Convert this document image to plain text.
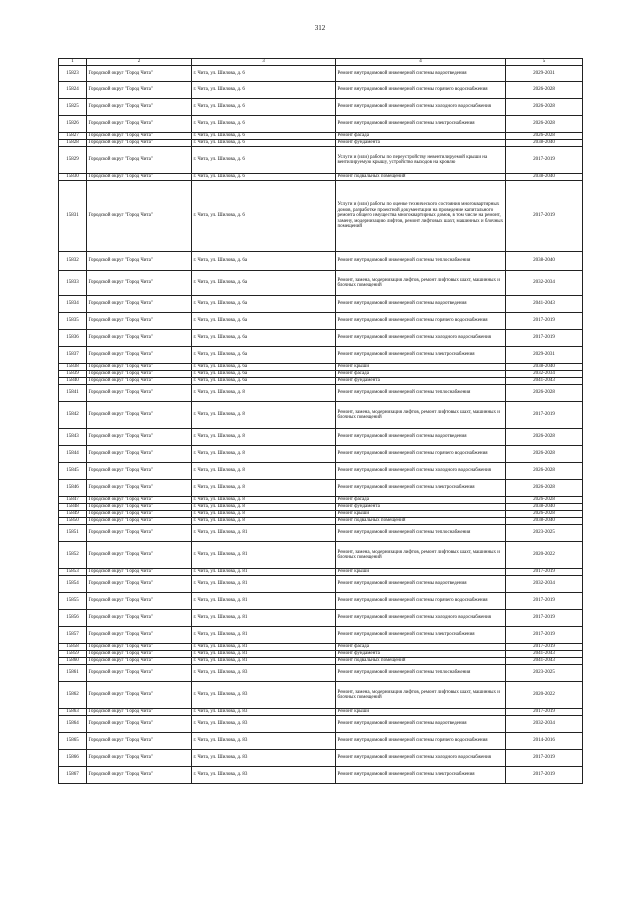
312
1	2	3	4	5
15823	Городской округ "Город Чита"	г. Чита, ул. Шилова, д. 6	Ремонт внутридомовой инженерной системы водоотведения	2029-2031
15824	Городской округ "Город Чита"	г. Чита, ул. Шилова, д. 6	Ремонт внутридомовой инженерной системы горячего водоснабжения	2026-2028
15825	Городской округ "Город Чита"	г. Чита, ул. Шилова, д. 6	Ремонт внутридомовой инженерной системы холодного водоснабжения	2026-2028
15826	Городской округ "Город Чита"	г. Чита, ул. Шилова, д. 6	Ремонт внутридомовой инженерной системы электроснабжения	2026-2028
15827	Городской округ "Город Чита"	г. Чита, ул. Шилова, д. 6	Ремонт фасада	2026-2028
15828	Городской округ "Город Чита"	г. Чита, ул. Шилова, д. 6	Ремонт фундамента	2038-2040
15829	Городской округ "Город Чита"	г. Чита, ул. Шилова, д. 6	Услуги и (или) работы по переустройству невентилируемой крыши на вентилируемую крышу, устройство выходов на кровлю	2017-2019
15830	Городской округ "Город Чита"	г. Чита, ул. Шилова, д. 6	Ремонт подвальных помещений	2038-2040
15831	Городской округ "Город Чита"	г. Чита, ул. Шилова, д. 6	Услуги и (или) работы по оценке технического состояния многоквартирных домов, разработке проектной документации на проведение капитального ремонта общего имущества многоквартирных домов, в том числе на ремонт, замену, модернизацию лифтов, ремонт лифтовых шахт, машинных и блочных помещений	2017-2019
15832	Городской округ "Город Чита"	г. Чита, ул. Шилова, д. 6а	Ремонт внутридомовой инженерной системы теплоснабжения	2038-2040
15833	Городской округ "Город Чита"	г. Чита, ул. Шилова, д. 6а	Ремонт, замена, модернизация лифтов, ремонт лифтовых шахт, машинных и блочных помещений	2032-2034
15834	Городской округ "Город Чита"	г. Чита, ул. Шилова, д. 6а	Ремонт внутридомовой инженерной системы водоотведения	2041-2043
15835	Городской округ "Город Чита"	г. Чита, ул. Шилова, д. 6а	Ремонт внутридомовой инженерной системы горячего водоснабжения	2017-2019
15836	Городской округ "Город Чита"	г. Чита, ул. Шилова, д. 6а	Ремонт внутридомовой инженерной системы холодного водоснабжения	2017-2019
15837	Городской округ "Город Чита"	г. Чита, ул. Шилова, д. 6а	Ремонт внутридомовой инженерной системы электроснабжения	2029-2031
15838	Городской округ "Город Чита"	г. Чита, ул. Шилова, д. 6а	Ремонт крыши	2038-2040
15839	Городской округ "Город Чита"	г. Чита, ул. Шилова, д. 6а	Ремонт фасада	2032-2034
15840	Городской округ "Город Чита"	г. Чита, ул. Шилова, д. 6а	Ремонт фундамента	2041-2043
15841	Городской округ "Город Чита"	г. Чита, ул. Шилова, д. 8	Ремонт внутридомовой инженерной системы теплоснабжения	2026-2028
15842	Городской округ "Город Чита"	г. Чита, ул. Шилова, д. 8	Ремонт, замена, модернизация лифтов, ремонт лифтовых шахт, машинных и блочных помещений	2017-2019
15843	Городской округ "Город Чита"	г. Чита, ул. Шилова, д. 8	Ремонт внутридомовой инженерной системы водоотведения	2026-2028
15844	Городской округ "Город Чита"	г. Чита, ул. Шилова, д. 8	Ремонт внутридомовой инженерной системы горячего водоснабжения	2026-2028
15845	Городской округ "Город Чита"	г. Чита, ул. Шилова, д. 8	Ремонт внутридомовой инженерной системы холодного водоснабжения	2026-2028
15846	Городской округ "Город Чита"	г. Чита, ул. Шилова, д. 8	Ремонт внутридомовой инженерной системы электроснабжения	2026-2028
15847	Городской округ "Город Чита"	г. Чита, ул. Шилова, д. 8	Ремонт фасада	2026-2028
15848	Городской округ "Город Чита"	г. Чита, ул. Шилова, д. 8	Ремонт фундамента	2038-2040
15849	Городской округ "Город Чита"	г. Чита, ул. Шилова, д. 8	Ремонт крыши	2026-2028
15850	Городской округ "Город Чита"	г. Чита, ул. Шилова, д. 8	Ремонт подвальных помещений	2038-2040
15851	Городской округ "Город Чита"	г. Чита, ул. Шилова, д. 81	Ремонт внутридомовой инженерной системы теплоснабжения	2023-2025
15852	Городской округ "Город Чита"	г. Чита, ул. Шилова, д. 81	Ремонт, замена, модернизация лифтов, ремонт лифтовых шахт, машинных и блочных помещений	2020-2022
15853	Городской округ "Город Чита"	г. Чита, ул. Шилова, д. 81	Ремонт крыши	2017-2019
15854	Городской округ "Город Чита"	г. Чита, ул. Шилова, д. 81	Ремонт внутридомовой инженерной системы водоотведения	2032-2034
15855	Городской округ "Город Чита"	г. Чита, ул. Шилова, д. 81	Ремонт внутридомовой инженерной системы горячего водоснабжения	2017-2019
15856	Городской округ "Город Чита"	г. Чита, ул. Шилова, д. 81	Ремонт внутридомовой инженерной системы холодного водоснабжения	2017-2019
15857	Городской округ "Город Чита"	г. Чита, ул. Шилова, д. 81	Ремонт внутридомовой инженерной системы электроснабжения	2017-2019
15858	Городской округ "Город Чита"	г. Чита, ул. Шилова, д. 81	Ремонт фасада	2017-2019
15859	Городской округ "Город Чита"	г. Чита, ул. Шилова, д. 81	Ремонт фундамента	2041-2043
15860	Городской округ "Город Чита"	г. Чита, ул. Шилова, д. 81	Ремонт подвальных помещений	2041-2043
15861	Городской округ "Город Чита"	г. Чита, ул. Шилова, д. 83	Ремонт внутридомовой инженерной системы теплоснабжения	2023-2025
15862	Городской округ "Город Чита"	г. Чита, ул. Шилова, д. 83	Ремонт, замена, модернизация лифтов, ремонт лифтовых шахт, машинных и блочных помещений	2020-2022
15863	Городской округ "Город Чита"	г. Чита, ул. Шилова, д. 83	Ремонт крыши	2017-2019
15864	Городской округ "Город Чита"	г. Чита, ул. Шилова, д. 83	Ремонт внутридомовой инженерной системы водоотведения	2032-2034
15865	Городской округ "Город Чита"	г. Чита, ул. Шилова, д. 83	Ремонт внутридомовой инженерной системы горячего водоснабжения	2014-2016
15866	Городской округ "Город Чита"	г. Чита, ул. Шилова, д. 83	Ремонт внутридомовой инженерной системы холодного водоснабжения	2017-2019
15867	Городской округ "Город Чита"	г. Чита, ул. Шилова, д. 83	Ремонт внутридомовой инженерной системы электроснабжения	2017-2019
